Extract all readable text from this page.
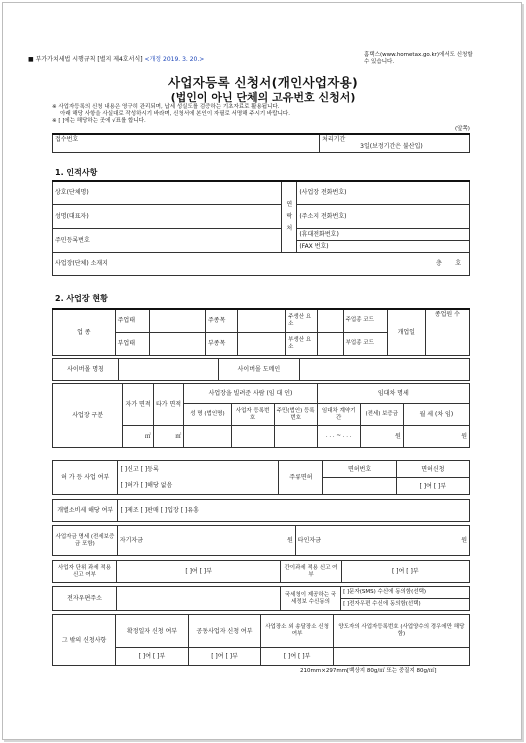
■ 부가가치세법 시행규칙 [별지 제4호서식] <개정 2019. 3. 20.>
홈택스(www.hometax.go.kr)에서도 신청할 수 있습니다.
사업자등록 신청서(개인사업자용)
(법인이 아닌 단체의 고유번호 신청서)
※ 사업자등록의 신청 내용은 영구히 관리되며, 납세 성실도를 검증하는 기초자료로 활용됩니다.
아래 해당 사항을 사실대로 작성하시기 바라며, 신청서에 본인이 자필로 서명해 주시기 바랍니다.
※ [ ]에는 해당하는 곳에 √표를 합니다.
(앞쪽)
접수번호	처리기간
3일(보정기간은 불산입)
1. 인적사항
상호(단체명)	연 락 처	(사업장 전화번호)
성명(대표자)		(주소지 전화번호)
주민등록번호		(휴대전화번호)
		(FAX 번호)
사업장(단체) 소재지 층 호		
2. 사업장 현황
업 종	주업태		주종목		주생산 요소		주업종 코드	개업일	종업원 수
	부업태		부종목		부생산 요소		부업종 코드		
사이버몰 명칭		사이버몰 도메인	
사업장 구분	자가 면적	타가 면적	사업장을 빌려준 사람 (임 대 인)			임대차 명세		
			성 명 (법인명)	사업자 등록번호	주민(법인) 등록번호	임대차 계약기간	(전세) 보증금	월 세 (차 임)
	㎡	㎡				. . . ~ . . .	원	원
허 가 등 사업 여부	[ ]신고 [ ]등록	주류면허	면허번호	면허신청
	[ ]허가 [ ]해당 없음			[ ]여 [ ]부
개별소비세 해당 여부	[ ]제조 [ ]판매 [ ]입장 [ ]유흥
사업자금 명세 (전세보증금 포함)	자기자금	원	타인자금	원
사업자 단위 과세 적용 신고 여부	[ ]여 [ ]부	간이과세 적용 신고 여부	[ ]여 [ ]부
전자우편주소		국세청이 제공하는 국세정보 수신동의	[ ]문자(SMS) 수신에 동의함(선택)
[ ]전자우편 수신에 동의함(선택)
그 밖의 신청사항	확정일자 신청 여부	공동사업자 신청 여부	사업장소 외 송달장소 신청 여부	양도자의 사업자등록번호 (사업양수의 경우에만 해당함)
	[ ]여 [ ]부	[ ]여 [ ]부	[ ]여 [ ]부	
210mm×297mm[백상지 80g/㎡ 또는 중질지 80g/㎡]
